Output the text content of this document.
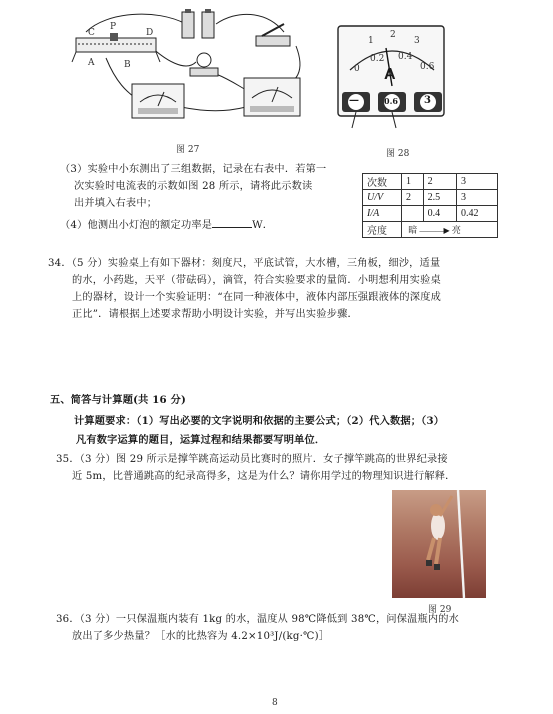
C
P
D
A	B
图 27
0
0.2 0.4
0.6
1
2
3
A
—	0.6	3
图 28
（3）实验中小东测出了三组数据，记录在右表中．若第一
次实验时电流表的示数如图 28 所示，请将此示数读
出并填入右表中；
（4）他测出小灯泡的额定功率是	W．
次数	1	2	3
U/V	2	2.5	3
I/A		0.4	0.42
亮度	暗 ———▶ 亮		
34．（5 分）实验桌上有如下器材：刻度尺，平底试管，大水槽，三角板，细沙，适量
的水，小药匙，天平（带砝码），滴管，符合实验要求的量筒．小明想利用实验桌
上的器材，设计一个实验证明：“在同一种液体中，液体内部压强跟液体的深度成
正比”．请根据上述要求帮助小明设计实验，并写出实验步骤．
五、简答与计算题(共 16 分)
计算题要求：（1）写出必要的文字说明和依据的主要公式；（2）代入数据；（3）
凡有数字运算的题目，运算过程和结果都要写明单位．
35．（3 分）图 29 所示是撑竿跳高运动员比赛时的照片．女子撑竿跳高的世界纪录接
近 5m，比普通跳高的纪录高得多，这是为什么？请你用学过的物理知识进行解释．
图 29
36．（3 分）一只保温瓶内装有 1kg 的水，温度从 98℃降低到 38℃，问保温瓶内的水
放出了多少热量？［水的比热容为 4.2×10³J/(kg·℃)］
8
